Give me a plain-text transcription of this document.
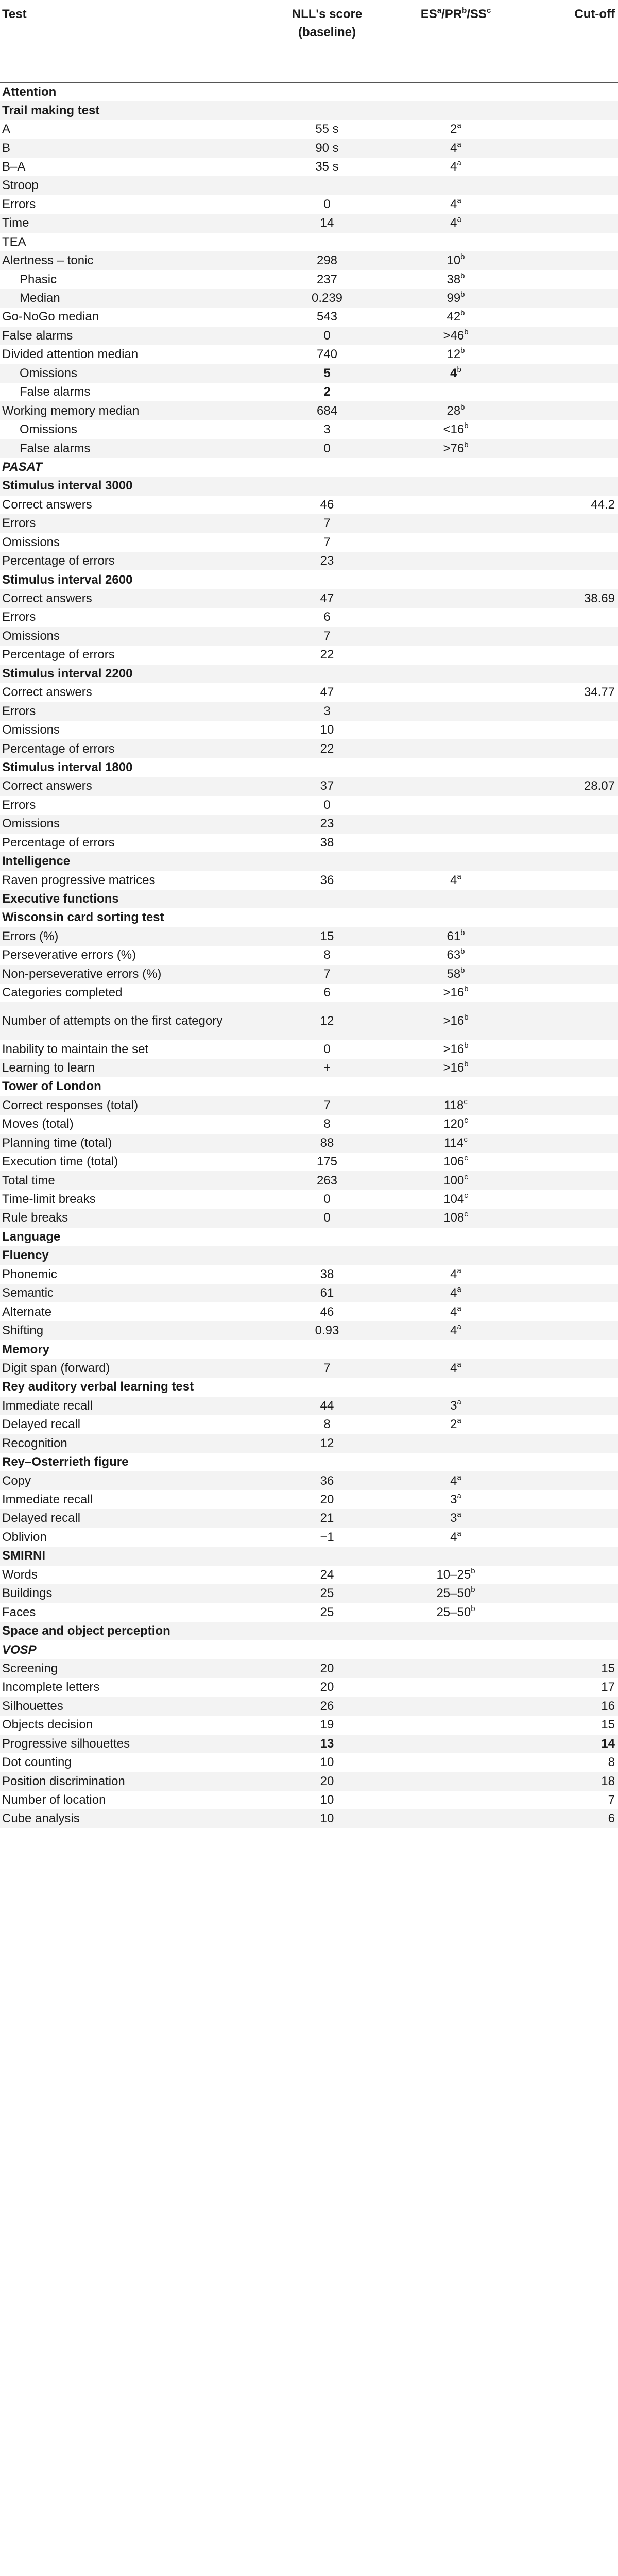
Test	NLL's score (baseline)	$ES^a/PR^b/SS^c$	Cut-off
Attention			
Trail making test			
A	55 s	2$^a$	
B	90 s	4$^a$	
B–A	35 s	4$^a$	
Stroop			
Errors	0	4$^a$	
Time	14	4$^a$	
TEA			
Alertness – tonic	298	10$^b$	
Phasic	237	38$^b$	
Median	0.239	99$^b$	
Go-NoGo median	543	42$^b$	
False alarms	0	$>46^b$	
Divided attention median	740	12$^b$	
Omissions	5	4$^b$	
False alarms	2		
Working memory median	684	28$^b$	
Omissions	3	$<16^b$	
False alarms	0	$>76^b$	
PASAT			
Stimulus interval 3000			
Correct answers	46		44.2
Errors	7		
Omissions	7		
Percentage of errors	23		
Stimulus interval 2600			
Correct answers	47		38.69
Errors	6		
Omissions	7		
Percentage of errors	22		
Stimulus interval 2200			
Correct answers	47		34.77
Errors	3		
Omissions	10		
Percentage of errors	22		
Stimulus interval 1800			
Correct answers	37		28.07
Errors	0		
Omissions	23		
Percentage of errors	38		
Intelligence			
Raven progressive matrices	36	4$^a$	
Executive functions			
Wisconsin card sorting test			
Errors (%)	15	61$^b$	
Perseverative errors (%)	8	63$^b$	
Non-perseverative errors (%)	7	58$^b$	
Categories completed	6	$>16^b$	
Number of attempts on the first category	12	$>16^b$	
Inability to maintain the set	0	$>16^b$	
Learning to learn	+	$>16^b$	
Tower of London			
Correct responses (total)	7	118$^c$	
Moves (total)	8	120$^c$	
Planning time (total)	88	114$^c$	
Execution time (total)	175	106$^c$	
Total time	263	100$^c$	
Time-limit breaks	0	104$^c$	
Rule breaks	0	108$^c$	
Language			
Fluency			
Phonemic	38	4$^a$	
Semantic	61	4$^a$	
Alternate	46	4$^a$	
Shifting	0.93	4$^a$	
Memory			
Digit span (forward)	7	4$^a$	
Rey auditory verbal learning test			
Immediate recall	44	3$^a$	
Delayed recall	8	2$^a$	
Recognition	12		
Rey–Osterrieth figure			
Copy	36	4$^a$	
Immediate recall	20	3$^a$	
Delayed recall	21	3$^a$	
Oblivion	−1	4$^a$	
SMIRNI			
Words	24	10–25$^b$	
Buildings	25	25–50$^b$	
Faces	25	25–50$^b$	
Space and object perception			
VOSP			
Screening	20		15
Incomplete letters	20		17
Silhouettes	26		16
Objects decision	19		15
Progressive silhouettes	13		14
Dot counting	10		8
Position discrimination	20		18
Number of location	10		7
Cube analysis	10		6
